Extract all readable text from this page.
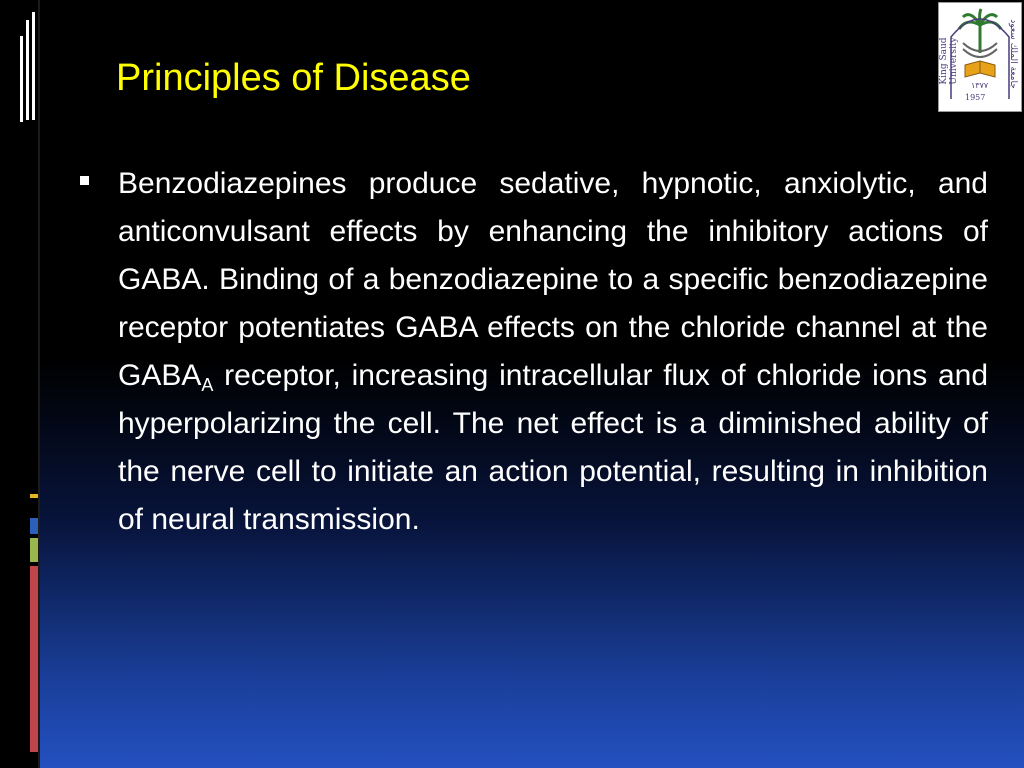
Principles of Disease	King Saud University	جامعة الملك سعود
١٣٧٧
1957
Benzodiazepines produce sedative, hypnotic, anxiolytic, and anticonvulsant effects by enhancing the inhibitory actions of GABA. Binding of a benzodiazepine to a specific benzodiazepine receptor potentiates GABA effects on the chloride channel at the $GABA_A$ receptor, increasing intracellular flux of chloride ions and hyperpolarizing the cell. The net effect is a diminished ability of the nerve cell to initiate an action potential, resulting in inhibition of neural transmission.
